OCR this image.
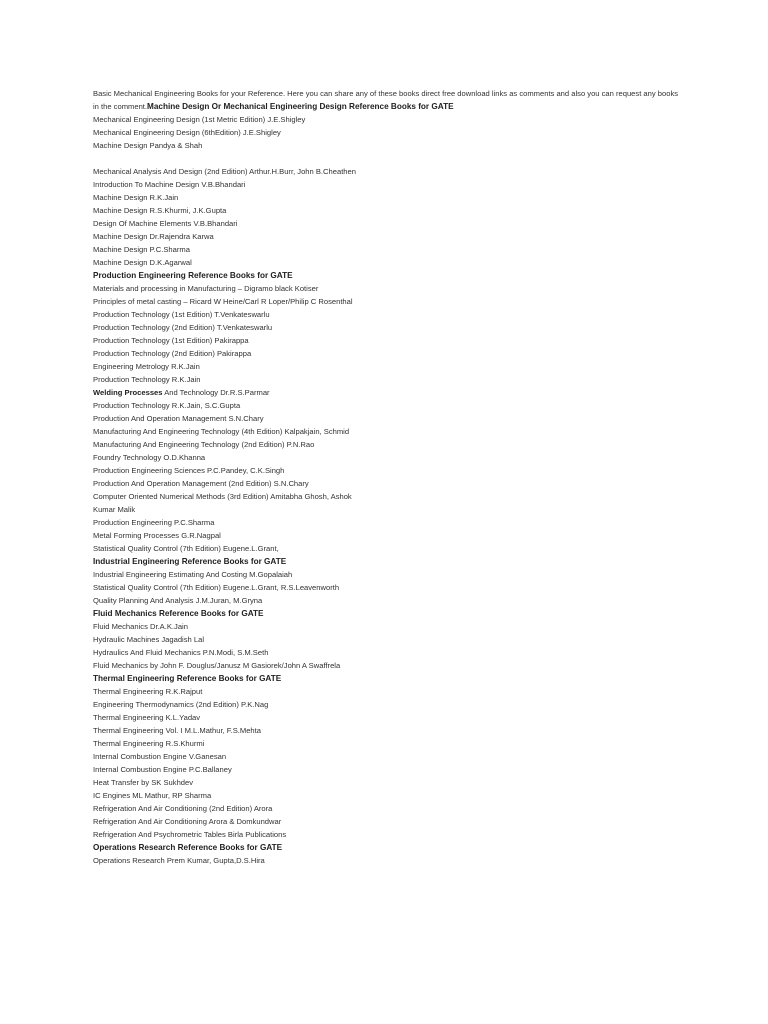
Basic Mechanical Engineering Books for your Reference. Here you can share any of these books direct free download links as comments and also you can request any books in the comment.Machine Design Or Mechanical Engineering Design Reference Books for GATE

Mechanical Engineering Design (1st Metric Edition) J.E.Shigley

Mechanical Engineering Design (6thEdition) J.E.Shigley

Machine Design Pandya & Shah

Mechanical Analysis And Design (2nd Edition) Arthur.H.Burr, John B.Cheathen

Introduction To Machine Design V.B.Bhandari

Machine Design R.K.Jain

Machine Design R.S.Khurmi, J.K.Gupta

Design Of Machine Elements V.B.Bhandari

Machine Design Dr.Rajendra Karwa

Machine Design P.C.Sharma

Machine Design D.K.Agarwal

Production Engineering Reference Books for GATE

Materials and processing in Manufacturing – Digramo black Kotiser

Principles of metal casting – Ricard W Heine/Carl R Loper/Philip C Rosenthal

Production Technology (1st Edition) T.Venkateswarlu

Production Technology (2nd Edition) T.Venkateswarlu

Production Technology (1st Edition) Pakirappa

Production Technology (2nd Edition) Pakirappa

Engineering Metrology R.K.Jain

Production Technology R.K.Jain

Welding Processes And Technology Dr.R.S.Parmar

Production Technology R.K.Jain, S.C.Gupta

Production And Operation Management S.N.Chary

Manufacturing And Engineering Technology (4th Edition) Kalpakjain, Schmid

Manufacturing And Engineering Technology (2nd Edition) P.N.Rao

Foundry Technology O.D.Khanna

Production Engineering Sciences P.C.Pandey, C.K.Singh

Production And Operation Management (2nd Edition) S.N.Chary

Computer Oriented Numerical Methods (3rd Edition) Amitabha Ghosh, Ashok Kumar Malik

Production Engineering P.C.Sharma

Metal Forming Processes G.R.Nagpal

Statistical Quality Control (7th Edition) Eugene.L.Grant,

Industrial Engineering Reference Books for GATE

Industrial Engineering Estimating And Costing M.Gopalaiah

Statistical Quality Control (7th Edition) Eugene.L.Grant, R.S.Leavenworth

Quality Planning And Analysis J.M.Juran, M.Gryna

Fluid Mechanics Reference Books for GATE

Fluid Mechanics Dr.A.K.Jain

Hydraulic Machines Jagadish Lal

Hydraulics And Fluid Mechanics P.N.Modi, S.M.Seth

Fluid Mechanics by John F. Douglus/Janusz M Gasiorek/John A Swaffrela

Thermal Engineering Reference Books for GATE

Thermal Engineering R.K.Rajput

Engineering Thermodynamics (2nd Edition) P.K.Nag

Thermal Engineering K.L.Yadav

Thermal Engineering Vol. I M.L.Mathur, F.S.Mehta

Thermal Engineering R.S.Khurmi

Internal Combustion Engine V.Ganesan

Internal Combustion Engine P.C.Ballaney

Heat Transfer by SK Sukhdev

IC Engines ML Mathur, RP Sharma

Refrigeration And Air Conditioning (2nd Edition) Arora

Refrigeration And Air Conditioning Arora & Domkundwar

Refrigeration And Psychrometric Tables Birla Publications

Operations Research Reference Books for GATE

Operations Research Prem Kumar, Gupta,D.S.Hira
